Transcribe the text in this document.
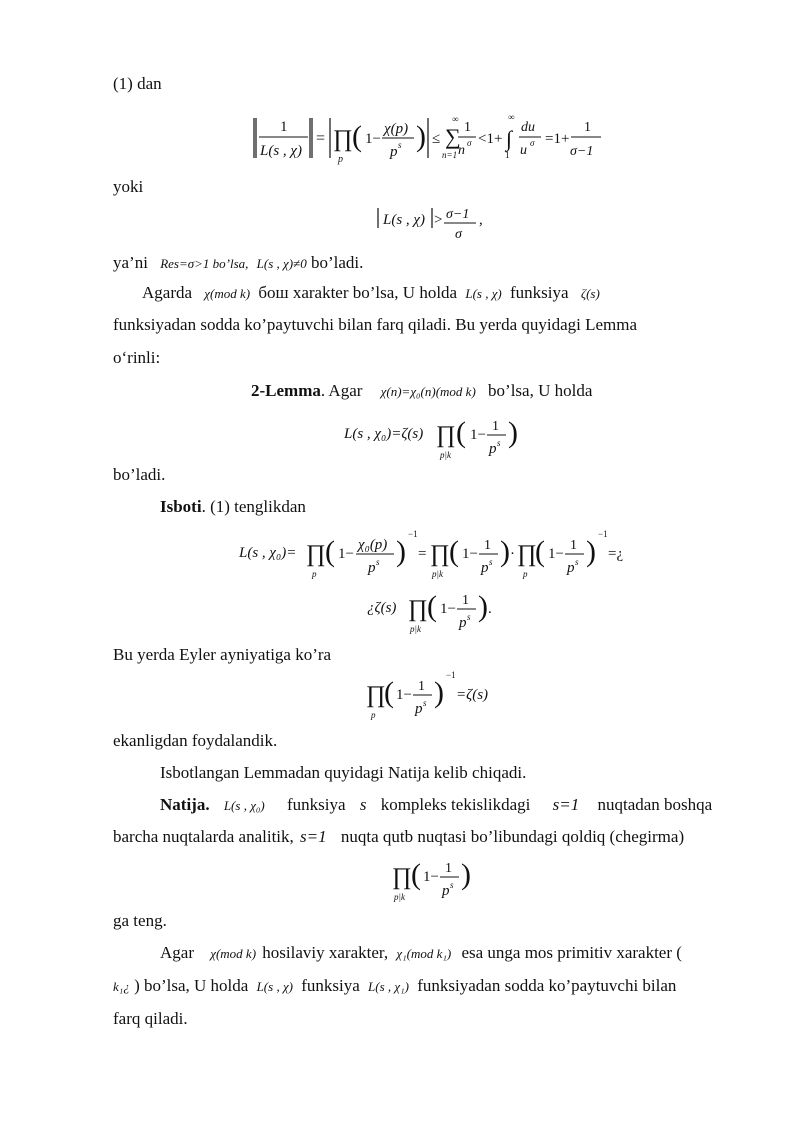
(1) dan
1
L(s , χ)
= ∏
p
( 1−
χ(p)
p s ) ≤ ∑
∞
n=1
1
n σ <1+ ∫
∞
1
du
u σ =1+
1
σ−1
yoki
L(s , χ) > σ−1
σ
,
ya’ni Res=σ>1 bo’lsa, L(s , χ)≠0 bo’ladi.
Agarda χ(mod k) бош xarakter bo’lsa, U holda L(s , χ) funksiya ζ(s)
funksiyadan sodda ko’paytuvchi bilan farq qiladi. Bu yerda quyidagi Lemma
o‘rinli:
2-Lemma. Agar χ(n)=χ₀(n)(mod k) bo’lsa, U holda
L(s , χ₀)=ζ(s) ∏
p|k
( 1−
1
p s )
bo’ladi.
Isboti. (1) tenglikdan
L(s , χ₀)= ∏
p
( 1−
χ₀(p)
p s )
−1
= ∏
p|k
( 1−
1
p s ) · ∏
p
( 1−
1
p s )
−1
=¿
¿ζ(s) ∏
p|k
( 1−
1
p s ) .
Bu yerda Eyler ayniyatiga ko’ra
∏
p
( 1−
1
p s )
−1
=ζ(s)
ekanligdan foydalandik.
Isbotlangan Lemmadan quyidagi Natija kelib chiqadi.
Natija. L(s , χ₀) funksiya s kompleks tekislikdagi s=1 nuqtadan boshqa
barcha nuqtalarda analitik, s=1 nuqta qutb nuqtasi bo’libundagi qoldiq (chegirma)
∏
p|k
( 1−
1
p s )
ga teng.
Agar χ(mod k) hosilaviy xarakter, χ₁(mod k₁) esa unga mos primitiv xarakter (
k₁¿ ) bo’lsa, U holda L(s , χ) funksiya L(s , χ₁) funksiyadan sodda ko’paytuvchi bilan
farq qiladi.
